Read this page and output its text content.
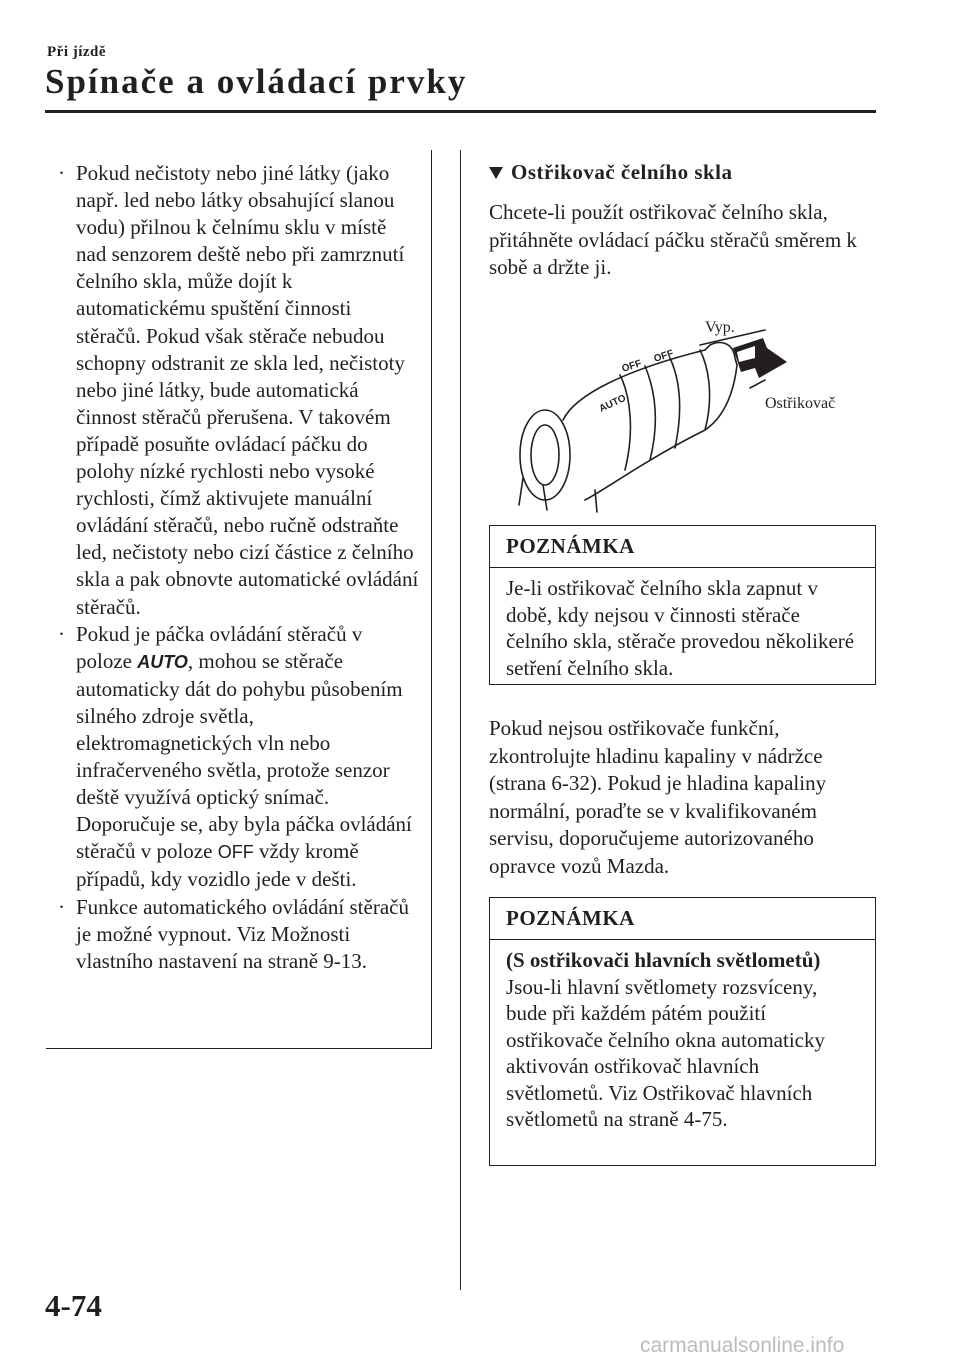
Při jízdě
Spínače a ovládací prvky
· Pokud nečistoty nebo jiné látky (jako např. led nebo látky obsahující slanou vodu) přilnou k čelnímu sklu v místě nad senzorem deště nebo při zamrznutí čelního skla, může dojít k automatickému spuštění činnosti stěračů. Pokud však stěrače nebudou schopny odstranit ze skla led, nečistoty nebo jiné látky, bude automatická činnost stěračů přerušena. V takovém případě posuňte ovládací páčku do polohy nízké rychlosti nebo vysoké rychlosti, čímž aktivujete manuální ovládání stěračů, nebo ručně odstraňte led, nečistoty nebo cizí částice z čelního skla a pak obnovte automatické ovládání stěračů.
· Pokud je páčka ovládání stěračů v poloze AUTO, mohou se stěrače automaticky dát do pohybu působením silného zdroje světla, elektromagnetických vln nebo infračerveného světla, protože senzor deště využívá optický snímač. Doporučuje se, aby byla páčka ovládání stěračů v poloze OFF vždy kromě případů, kdy vozidlo jede v dešti.
· Funkce automatického ovládání stěračů je možné vypnout. Viz Možnosti vlastního nastavení na straně 9-13.
Ostřikovač čelního skla

Chcete-li použít ostřikovač čelního skla, přitáhněte ovládací páčku stěračů směrem k sobě a držte ji.

OFF
AUTO
OFF
Vyp.
Ostřikovač
POZNÁMKA
Je-li ostřikovač čelního skla zapnut v době, kdy nejsou v činnosti stěrače čelního skla, stěrače provedou několikeré setření čelního skla.

Pokud nejsou ostřikovače funkční, zkontrolujte hladinu kapaliny v nádržce (strana 6-32). Pokud je hladina kapaliny normální, poraďte se v kvalifikovaném servisu, doporučujeme autorizovaného opravce vozů Mazda.

POZNÁMKA
(S ostřikovači hlavních světlometů)
Jsou-li hlavní světlomety rozsvíceny, bude při každém pátém použití ostřikovače čelního okna automaticky aktivován ostřikovač hlavních světlometů. Viz Ostřikovač hlavních světlometů na straně 4-75.
4-74
carmanualsonline.info
